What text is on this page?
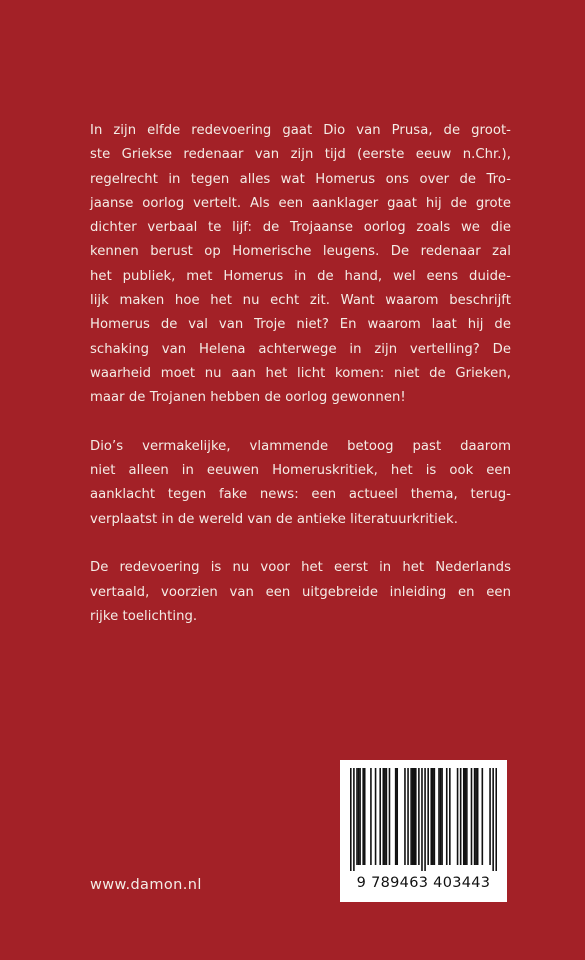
In zijn elfde redevoering gaat Dio van Prusa, de groot-
ste Griekse redenaar van zijn tijd (eerste eeuw n.Chr.),
regelrecht in tegen alles wat Homerus ons over de Tro-
jaanse oorlog vertelt. Als een aanklager gaat hij de grote
dichter verbaal te lijf: de Trojaanse oorlog zoals we die
kennen berust op Homerische leugens. De redenaar zal
het publiek, met Homerus in de hand, wel eens duide-
lijk maken hoe het nu echt zit. Want waarom beschrijft
Homerus de val van Troje niet? En waarom laat hij de
schaking van Helena achterwege in zijn vertelling? De
waarheid moet nu aan het licht komen: niet de Grieken,
maar de Trojanen hebben de oorlog gewonnen!
Dio’s vermakelijke, vlammende betoog past daarom
niet alleen in eeuwen Homeruskritiek, het is ook een
aanklacht tegen fake news: een actueel thema, terug-
verplaatst in de wereld van de antieke literatuurkritiek.
De redevoering is nu voor het eerst in het Nederlands
vertaald, voorzien van een uitgebreide inleiding en een
rijke toelichting.
www.damon.nl	9 789463 403443
